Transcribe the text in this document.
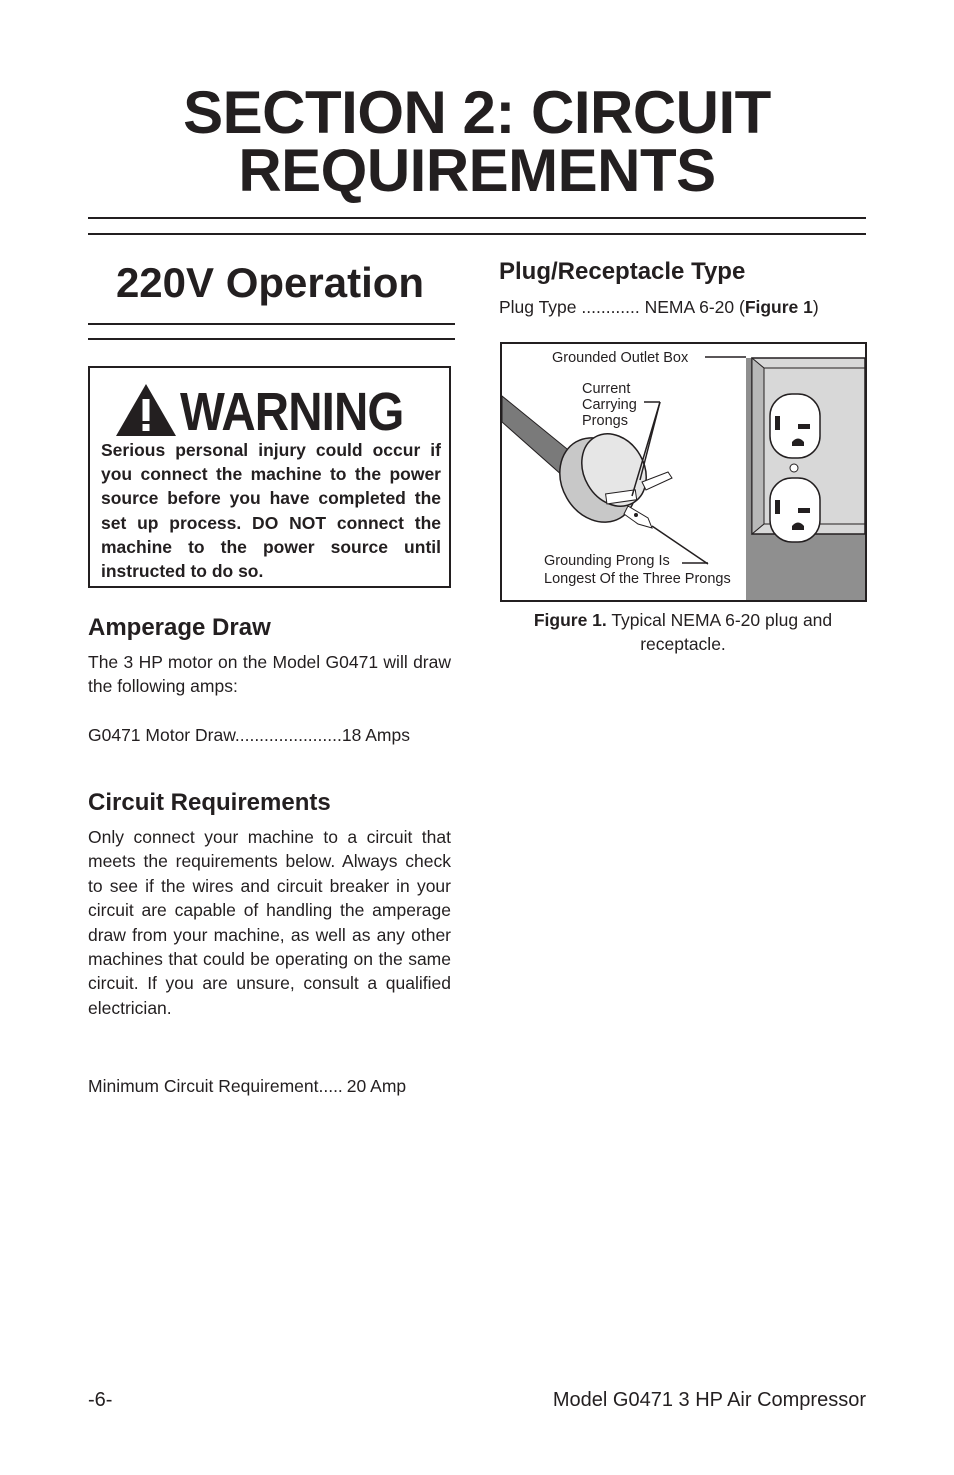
SECTION 2: CIRCUIT
REQUIREMENTS
220V Operation
WARNING
Serious personal injury could occur if you connect the machine to the power source before you have completed the set up process. DO NOT connect the machine to the power source until instructed to do so.
Amperage Draw
The 3 HP motor on the Model G0471 will draw the following amps:
G0471 Motor Draw......................18 Amps
Circuit Requirements
Only connect your machine to a circuit that meets the requirements below. Always check to see if the wires and circuit breaker in your circuit are capable of handling the amperage draw from your machine, as well as any other machines that could be operating on the same circuit. If you are unsure, consult a qualified electrician.
Minimum Circuit Requirement..... 20 Amp
Plug/Receptacle Type
Plug Type ............ NEMA 6-20 (Figure 1)
Grounded Outlet Box
Current
Carrying
Prongs
Grounding Prong Is
Longest Of the Three Prongs
Figure 1. Typical NEMA 6-20 plug and receptacle.
-6-	Model G0471 3 HP Air Compressor
